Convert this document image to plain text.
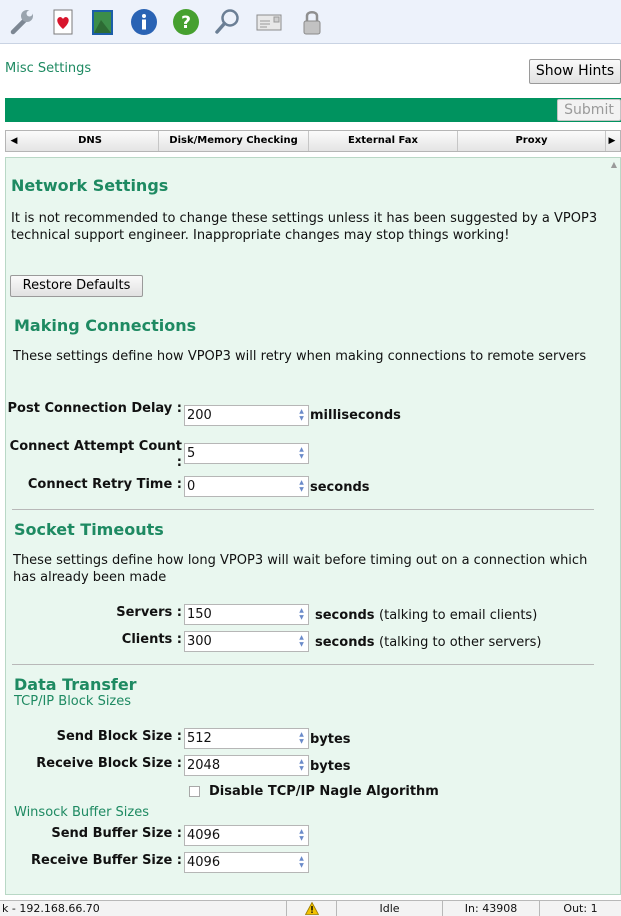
?
Misc Settings	Show Hints
Submit
◀	DNS	Disk/Memory Checking	External Fax	Proxy	▶
▲
Network Settings
It is not recommended to change these settings unless it has been suggested by a VPOP3 technical support engineer. Inappropriate changes may stop things working!
Restore Defaults
Making Connections
These settings define how VPOP3 will retry when making connections to remote servers
Post Connection Delay : 200	▲
▼ milliseconds
Connect Attempt Count :
5	▲
▼
Connect Retry Time : 0	▲
▼ seconds
Socket Timeouts
These settings define how long VPOP3 will wait before timing out on a connection which has already been made
Servers : 150	▲
▼ seconds (talking to email clients)
Clients : 300	▲
▼ seconds (talking to other servers)
Data Transfer
TCP/IP Block Sizes
Send Block Size : 512	▲
▼ bytes
Receive Block Size : 2048	▲
▼ bytes
Disable TCP/IP Nagle Algorithm
Winsock Buffer Sizes
Send Buffer Size : 4096	▲
▼
Receive Buffer Size : 4096	▲
▼
k - 192.168.66.70	Idle	In: 43908	Out: 1
